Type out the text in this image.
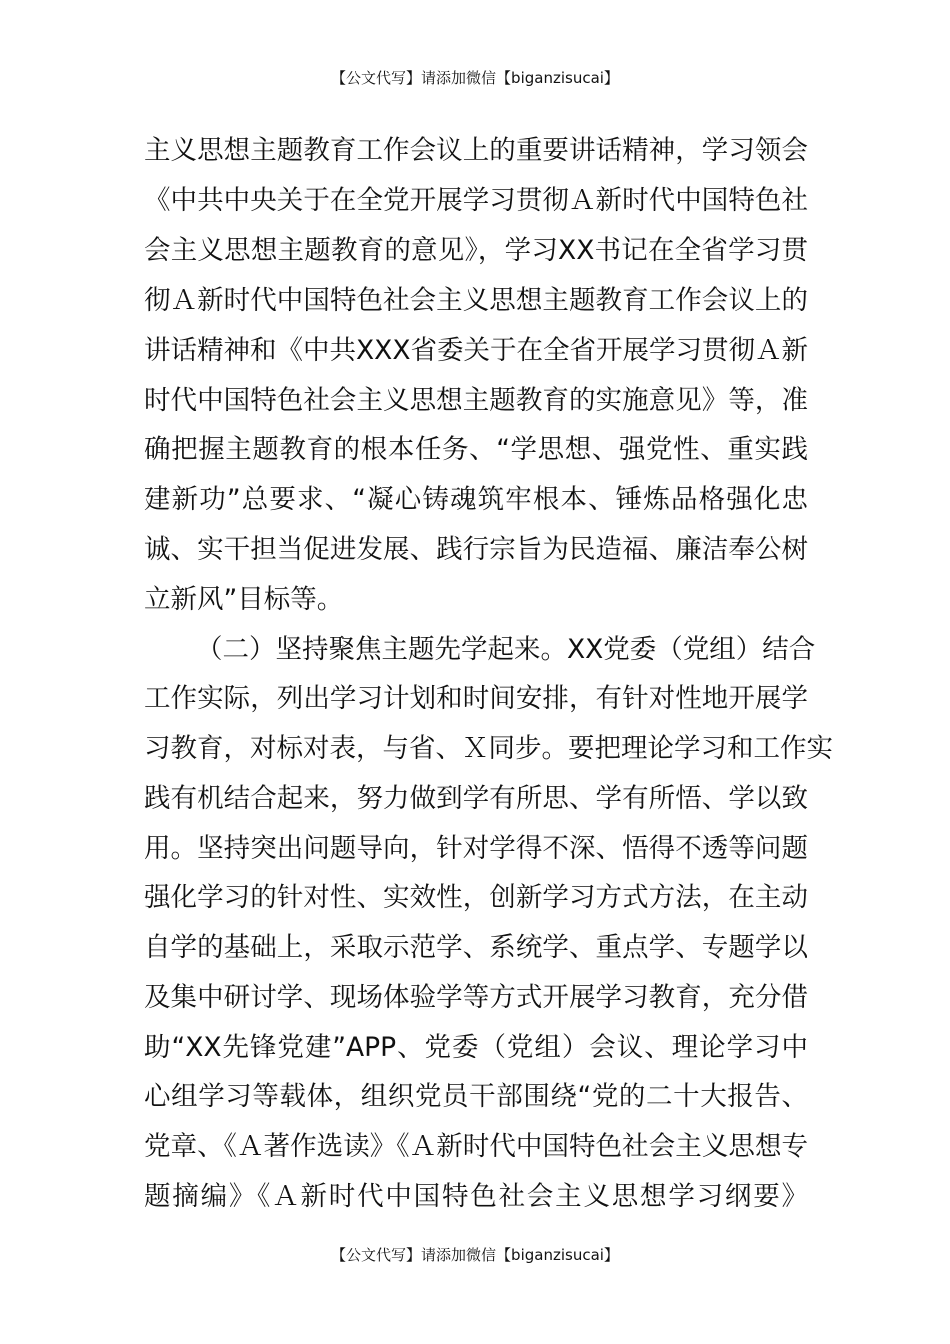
【公文代写】请添加微信【biganzisucai】
主义思想主题教育工作会议上的重要讲话精神，学习领会
《中共中央关于在全党开展学习贯彻Ａ新时代中国特色社
会主义思想主题教育的意见》，学习XX书记在全省学习贯
彻Ａ新时代中国特色社会主义思想主题教育工作会议上的
讲话精神和《中共XXX省委关于在全省开展学习贯彻Ａ新
时代中国特色社会主义思想主题教育的实施意见》等，准
确把握主题教育的根本任务、“学思想、强党性、重实践
建新功”总要求、“凝心铸魂筑牢根本、锤炼品格强化忠
诚、实干担当促进发展、践行宗旨为民造福、廉洁奉公树
立新风”目标等。
（二）坚持聚焦主题先学起来。XX党委（党组）结合
工作实际，列出学习计划和时间安排，有针对性地开展学
习教育，对标对表，与省、Ｘ同步。要把理论学习和工作实
践有机结合起来，努力做到学有所思、学有所悟、学以致
用。坚持突出问题导向，针对学得不深、悟得不透等问题
强化学习的针对性、实效性，创新学习方式方法，在主动
自学的基础上，采取示范学、系统学、重点学、专题学以
及集中研讨学、现场体验学等方式开展学习教育，充分借
助“XX先锋党建”APP、党委（党组）会议、理论学习中
心组学习等载体，组织党员干部围绕“党的二十大报告、
党章、《Ａ著作选读》《Ａ新时代中国特色社会主义思想专
题摘编》《Ａ新时代中国特色社会主义思想学习纲要》
【公文代写】请添加微信【biganzisucai】
